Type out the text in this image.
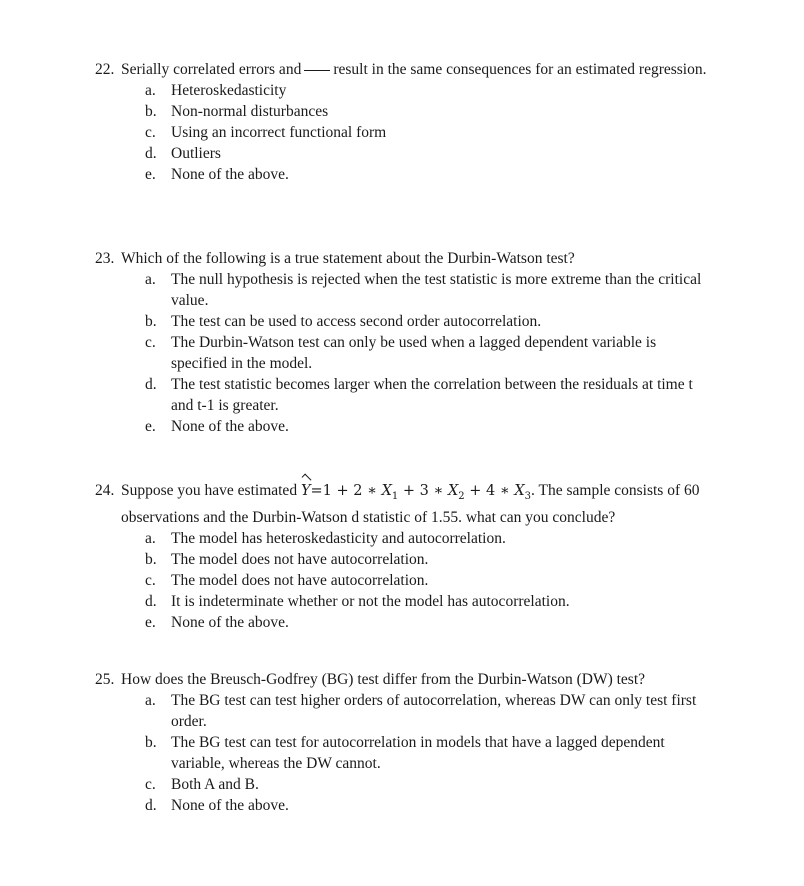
22. Serially correlated errors and result in the same consequences for an estimated regression.
a. Heteroskedasticity
b. Non-normal disturbances
c. Using an incorrect functional form
d. Outliers
e. None of the above.
23. Which of the following is a true statement about the Durbin-Watson test?
a. The null hypothesis is rejected when the test statistic is more extreme than the critical value.
b. The test can be used to access second order autocorrelation.
c. The Durbin-Watson test can only be used when a lagged dependent variable is specified in the model.
d. The test statistic becomes larger when the correlation between the residuals at time t and t-1 is greater.
e. None of the above.
24. Suppose you have estimated Y=1 + 2 ∗ $X_1 + 3$ ∗ $X_2 + 4$ ∗ $X_3$. The sample consists of 60 observations and the Durbin-Watson d statistic of 1.55. what can you conclude?
a. The model has heteroskedasticity and autocorrelation.
b. The model does not have autocorrelation.
c. The model does not have autocorrelation.
d. It is indeterminate whether or not the model has autocorrelation.
e. None of the above.
25. How does the Breusch-Godfrey (BG) test differ from the Durbin-Watson (DW) test?
a. The BG test can test higher orders of autocorrelation, whereas DW can only test first order.
b. The BG test can test for autocorrelation in models that have a lagged dependent variable, whereas the DW cannot.
c. Both A and B.
d. None of the above.
